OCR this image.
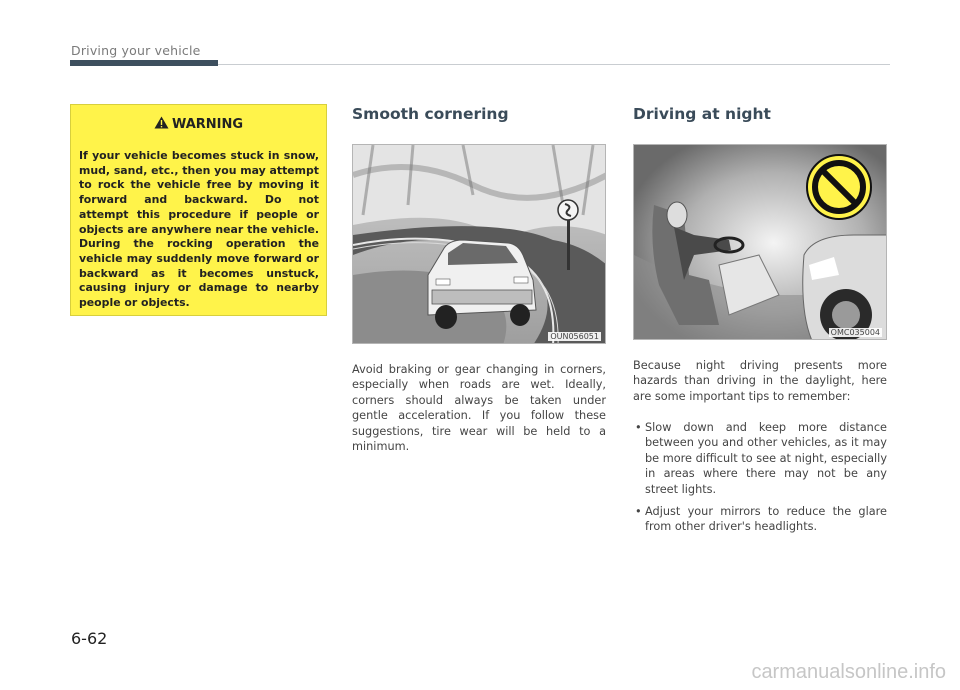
Driving your vehicle
WARNING
If your vehicle becomes stuck in snow, mud, sand, etc., then you may attempt to rock the vehicle free by moving it forward and backward. Do not attempt this procedure if people or objects are anywhere near the vehicle. During the rocking operation the vehicle may suddenly move forward or backward as it becomes unstuck, causing injury or damage to nearby people or objects.
Smooth cornering
OUN056051
Avoid braking or gear changing in corners, especially when roads are wet. Ideally, corners should always be taken under gentle acceleration. If you follow these suggestions, tire wear will be held to a minimum.
Driving at night
OMC035004
Because night driving presents more hazards than driving in the daylight, here are some important tips to remember:
• Slow down and keep more distance between you and other vehicles, as it may be more difficult to see at night, especially in areas where there may not be any street lights.
• Adjust your mirrors to reduce the glare from other driver's headlights.
6-62
carmanualsonline.info
